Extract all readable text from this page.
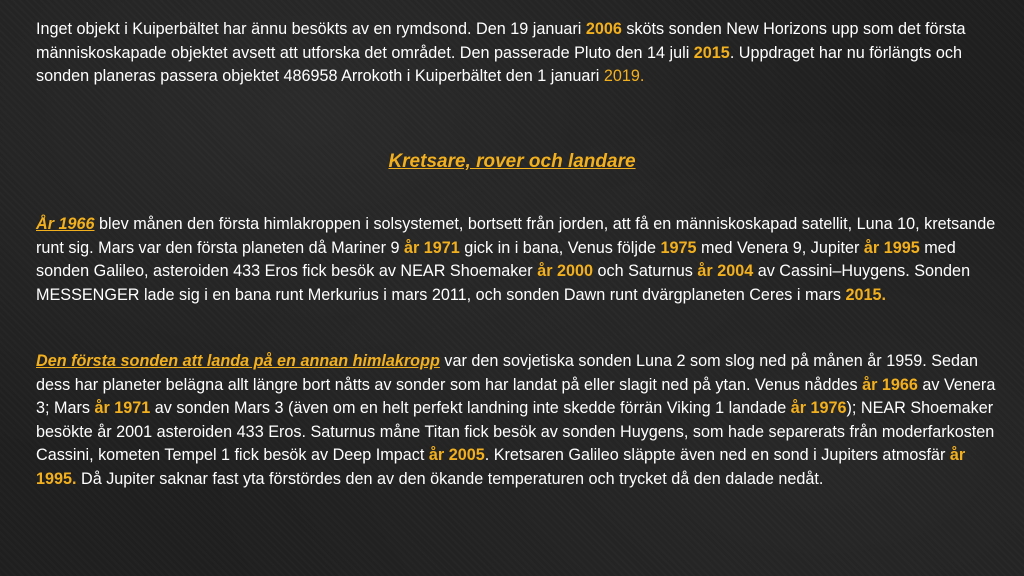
Inget objekt i Kuiperbältet har ännu besökts av en rymdsond. Den 19 januari 2006 sköts sonden New Horizons upp som det första människoskapade objektet avsett att utforska det området. Den passerade Pluto den 14 juli 2015. Uppdraget har nu förlängts och sonden planeras passera objektet 486958 Arrokoth i Kuiperbältet den 1 januari 2019.

Kretsare, rover och landare

År 1966 blev månen den första himlakroppen i solsystemet, bortsett från jorden, att få en människoskapad satellit, Luna 10, kretsande runt sig. Mars var den första planeten då Mariner 9 år 1971 gick in i bana, Venus följde 1975 med Venera 9, Jupiter år 1995 med sonden Galileo, asteroiden 433 Eros fick besök av NEAR Shoemaker år 2000 och Saturnus år 2004 av Cassini–Huygens. Sonden MESSENGER lade sig i en bana runt Merkurius i mars 2011, och sonden Dawn runt dvärgplaneten Ceres i mars 2015.

Den första sonden att landa på en annan himlakropp var den sovjetiska sonden Luna 2 som slog ned på månen år 1959. Sedan dess har planeter belägna allt längre bort nåtts av sonder som har landat på eller slagit ned på ytan. Venus nåddes år 1966 av Venera 3; Mars år 1971 av sonden Mars 3 (även om en helt perfekt landning inte skedde förrän Viking 1 landade år 1976); NEAR Shoemaker besökte år 2001 asteroiden 433 Eros. Saturnus måne Titan fick besök av sonden Huygens, som hade separerats från moderfarkosten Cassini, kometen Tempel 1 fick besök av Deep Impact år 2005. Kretsaren Galileo släppte även ned en sond i Jupiters atmosfär år 1995. Då Jupiter saknar fast yta förstördes den av den ökande temperaturen och trycket då den dalade nedåt.
